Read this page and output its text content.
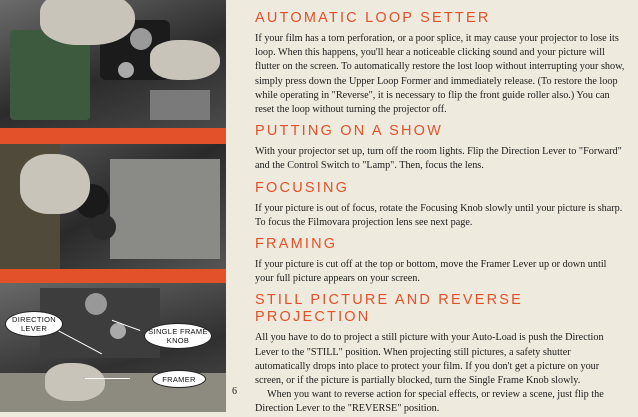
DIRECTION LEVER	SINGLE FRAME KNOB
FRAMER
6
AUTOMATIC LOOP SETTER

If your film has a torn perforation, or a poor splice, it may cause your projector to lose its loop. When this happens, you'll hear a noticeable clicking sound and your picture will flutter on the screen. To automatically restore the lost loop without interrupting your show, simply press down the Upper Loop Former and immediately release. (To restore the loop while operating in "Reverse", it is necessary to flip the front guide roller also.) You can reset the loop without turning the projector off.

PUTTING ON A SHOW

With your projector set up, turn off the room lights. Flip the Direction Lever to "Forward" and the Control Switch to "Lamp". Then, focus the lens.

FOCUSING

If your picture is out of focus, rotate the Focusing Knob slowly until your picture is sharp. To focus the Filmovara projection lens see next page.

FRAMING

If your picture is cut off at the top or bottom, move the Framer Lever up or down until your full picture appears on your screen.

STILL PICTURE AND REVERSE PROJECTION

All you have to do to project a still picture with your Auto-Load is push the Direction Lever to the "STILL" position. When projecting still pictures, a safety shutter automatically drops into place to protect your film. If you don't get a picture on your screen, or if the picture is partially blocked, turn the Single Frame Knob slowly.

When you want to reverse action for special effects, or review a scene, just flip the Direction Lever to the "REVERSE" position.
